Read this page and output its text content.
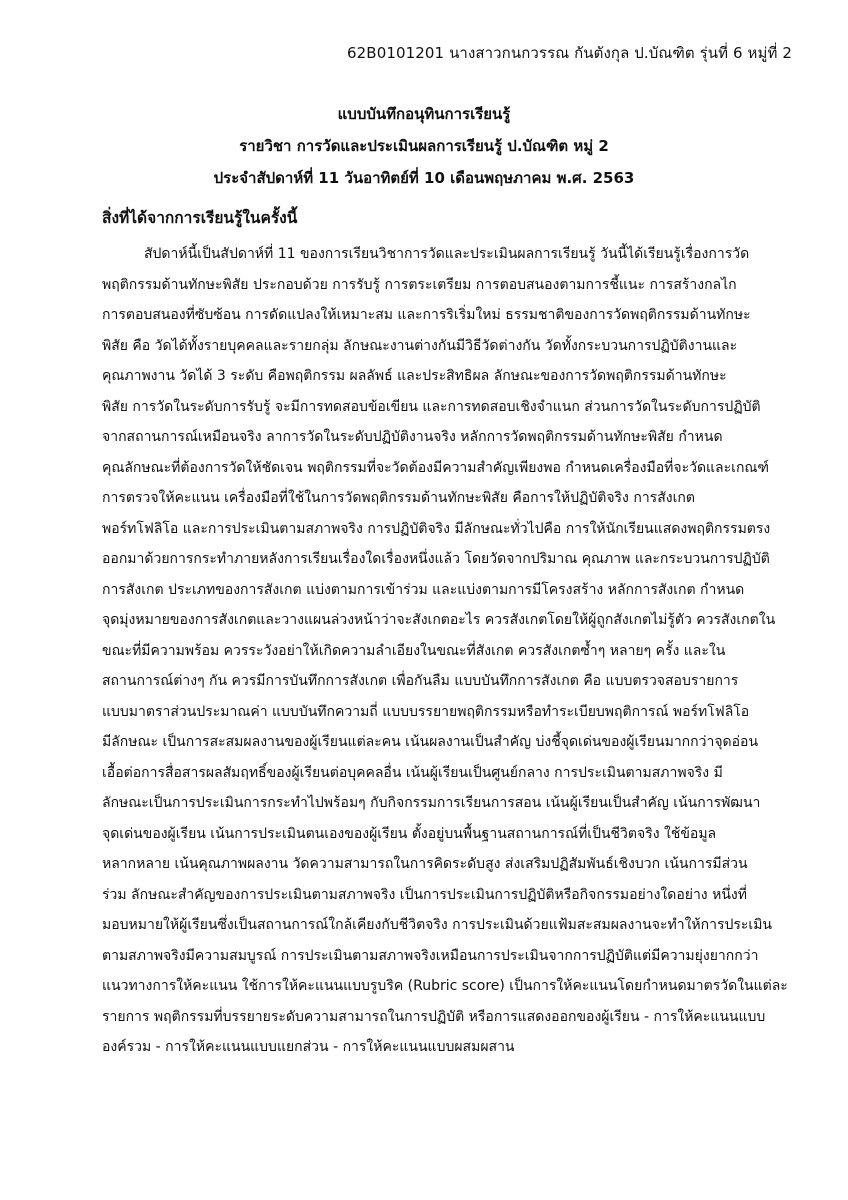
62B0101201 นางสาวกนกวรรณ กันตังกุล ป.บัณฑิต รุ่นที่ 6 หมู่ที่ 2
แบบบันทึกอนุทินการเรียนรู้
รายวิชา การวัดและประเมินผลการเรียนรู้ ป.บัณฑิต หมู่ 2
ประจำสัปดาห์ที่ 11 วันอาทิตย์ที่ 10 เดือนพฤษภาคม พ.ศ. 2563
สิ่งที่ได้จากการเรียนรู้ในครั้งนี้
สัปดาห์นี้เป็นสัปดาห์ที่ 11 ของการเรียนวิชาการวัดและประเมินผลการเรียนรู้ วันนี้ได้เรียนรู้เรื่องการวัด
พฤติกรรมด้านทักษะพิสัย ประกอบด้วย การรับรู้ การตระเตรียม การตอบสนองตามการชี้แนะ การสร้างกลไก
การตอบสนองที่ซับซ้อน การดัดแปลงให้เหมาะสม และการริเริ่มใหม่ ธรรมชาติของการวัดพฤติกรรมด้านทักษะ
พิสัย คือ วัดได้ทั้งรายบุคคลและรายกลุ่ม ลักษณะงานต่างกันมีวิธีวัดต่างกัน วัดทั้งกระบวนการปฏิบัติงานและ
คุณภาพงาน วัดได้ 3 ระดับ คือพฤติกรรม ผลลัพธ์ และประสิทธิผล ลักษณะของการวัดพฤติกรรมด้านทักษะ
พิสัย การวัดในระดับการรับรู้ จะมีการทดสอบข้อเขียน และการทดสอบเชิงจำแนก ส่วนการวัดในระดับการปฏิบัติ
จากสถานการณ์เหมือนจริง ลาการวัดในระดับปฏิบัติงานจริง หลักการวัดพฤติกรรมด้านทักษะพิสัย กำหนด
คุณลักษณะที่ต้องการวัดให้ชัดเจน พฤติกรรมที่จะวัดต้องมีความสำคัญเพียงพอ กำหนดเครื่องมือที่จะวัดและเกณฑ์
การตรวจให้คะแนน เครื่องมือที่ใช้ในการวัดพฤติกรรมด้านทักษะพิสัย คือการให้ปฏิบัติจริง การสังเกต
พอร์ทโฟลิโอ และการประเมินตามสภาพจริง การปฏิบัติจริง มีลักษณะทั่วไปคือ การให้นักเรียนแสดงพฤติกรรมตรง
ออกมาด้วยการกระทำภายหลังการเรียนเรื่องใดเรื่องหนึ่งแล้ว โดยวัดจากปริมาณ คุณภาพ และกระบวนการปฏิบัติ
การสังเกต ประเภทของการสังเกต แบ่งตามการเข้าร่วม และแบ่งตามการมีโครงสร้าง หลักการสังเกต กำหนด
จุดมุ่งหมายของการสังเกตและวางแผนล่วงหน้าว่าจะสังเกตอะไร ควรสังเกตโดยให้ผู้ถูกสังเกตไม่รู้ตัว ควรสังเกตใน
ขณะที่มีความพร้อม ควรระวังอย่าให้เกิดความลำเอียงในขณะที่สังเกต ควรสังเกตซ้ำๆ หลายๆ ครั้ง และใน
สถานการณ์ต่างๆ กัน ควรมีการบันทึกการสังเกต เพื่อกันลืม แบบบันทึกการสังเกต คือ แบบตรวจสอบรายการ
แบบมาตราส่วนประมาณค่า แบบบันทึกความถี่ แบบบรรยายพฤติกรรมหรือทำระเบียบพฤติการณ์ พอร์ทโฟลิโอ
มีลักษณะ เป็นการสะสมผลงานของผู้เรียนแต่ละคน เน้นผลงานเป็นสำคัญ บ่งชี้จุดเด่นของผู้เรียนมากกว่าจุดอ่อน
เอื้อต่อการสื่อสารผลสัมฤทธิ์ของผู้เรียนต่อบุคคลอื่น เน้นผู้เรียนเป็นศูนย์กลาง การประเมินตามสภาพจริง มี
ลักษณะเป็นการประเมินการกระทำไปพร้อมๆ กับกิจกรรมการเรียนการสอน เน้นผู้เรียนเป็นสำคัญ เน้นการพัฒนา
จุดเด่นของผู้เรียน เน้นการประเมินตนเองของผู้เรียน ตั้งอยู่บนพื้นฐานสถานการณ์ที่เป็นชีวิตจริง ใช้ข้อมูล
หลากหลาย เน้นคุณภาพผลงาน วัดความสามารถในการคิดระดับสูง ส่งเสริมปฏิสัมพันธ์เชิงบวก เน้นการมีส่วน
ร่วม ลักษณะสำคัญของการประเมินตามสภาพจริง เป็นการประเมินการปฏิบัติหรือกิจกรรมอย่างใดอย่าง หนึ่งที่
มอบหมายให้ผู้เรียนซึ่งเป็นสถานการณ์ใกล้เคียงกับชีวิตจริง การประเมินด้วยแฟ้มสะสมผลงานจะทำให้การประเมิน
ตามสภาพจริงมีความสมบูรณ์ การประเมินตามสภาพจริงเหมือนการประเมินจากการปฏิบัติแต่มีความยุ่งยากกว่า
แนวทางการให้คะแนน ใช้การให้คะแนนแบบรูบริค (Rubric score) เป็นการให้คะแนนโดยกำหนดมาตรวัดในแต่ละ
รายการ พฤติกรรมที่บรรยายระดับความสามารถในการปฏิบัติ หรือการแสดงออกของผู้เรียน - การให้คะแนนแบบ
องค์รวม - การให้คะแนนแบบแยกส่วน - การให้คะแนนแบบผสมผสาน
